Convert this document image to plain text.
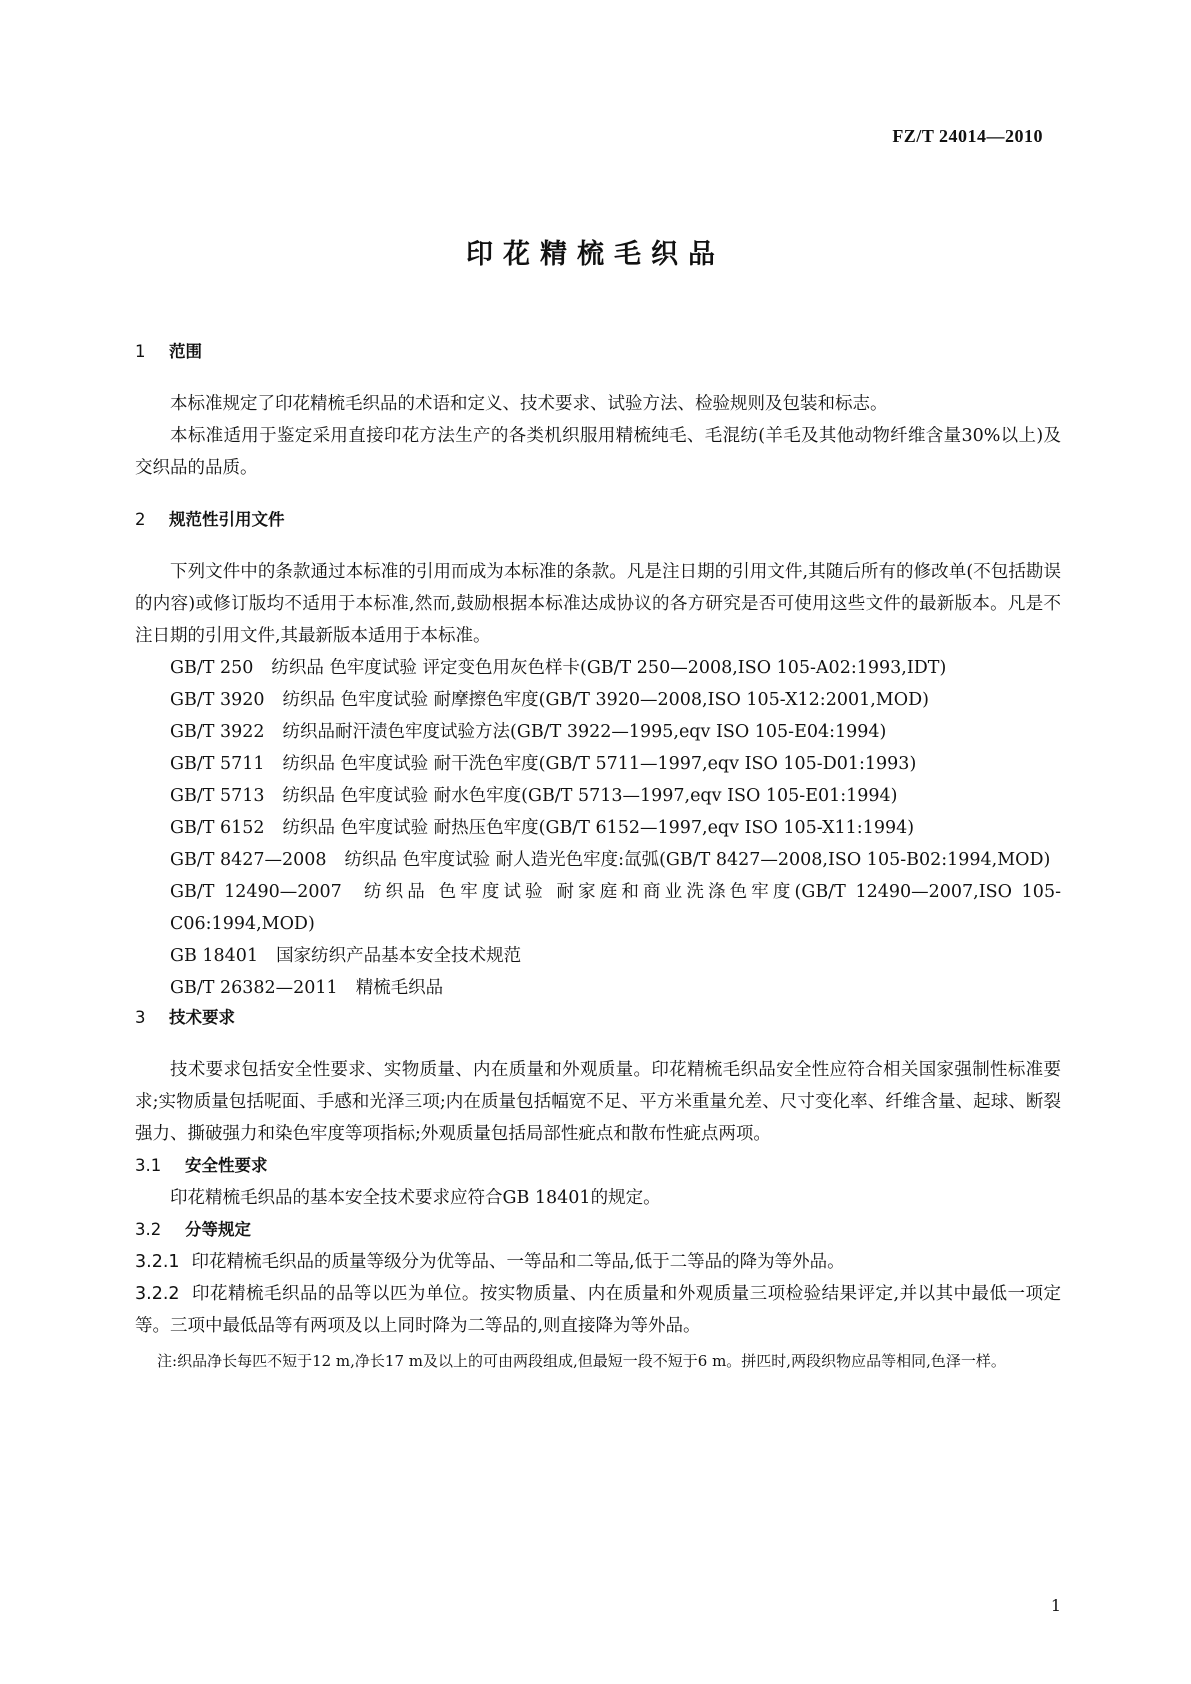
FZ/T 24014—2010
印花精梳毛织品
1 范围

本标准规定了印花精梳毛织品的术语和定义、技术要求、试验方法、检验规则及包装和标志。

本标准适用于鉴定采用直接印花方法生产的各类机织服用精梳纯毛、毛混纺(羊毛及其他动物纤维含量30%以上)及交织品的品质。

2 规范性引用文件

下列文件中的条款通过本标准的引用而成为本标准的条款。凡是注日期的引用文件,其随后所有的修改单(不包括勘误的内容)或修订版均不适用于本标准,然而,鼓励根据本标准达成协议的各方研究是否可使用这些文件的最新版本。凡是不注日期的引用文件,其最新版本适用于本标准。

GB/T 250 纺织品 色牢度试验 评定变色用灰色样卡(GB/T 250—2008,ISO 105-A02:1993,IDT)

GB/T 3920 纺织品 色牢度试验 耐摩擦色牢度(GB/T 3920—2008,ISO 105-X12:2001,MOD)

GB/T 3922 纺织品耐汗渍色牢度试验方法(GB/T 3922—1995,eqv ISO 105-E04:1994)

GB/T 5711 纺织品 色牢度试验 耐干洗色牢度(GB/T 5711—1997,eqv ISO 105-D01:1993)

GB/T 5713 纺织品 色牢度试验 耐水色牢度(GB/T 5713—1997,eqv ISO 105-E01:1994)

GB/T 6152 纺织品 色牢度试验 耐热压色牢度(GB/T 6152—1997,eqv ISO 105-X11:1994)

GB/T 8427—2008 纺织品 色牢度试验 耐人造光色牢度:氙弧(GB/T 8427—2008,ISO 105-B02:1994,MOD)

GB/T 12490—2007 纺织品 色牢度试验 耐家庭和商业洗涤色牢度(GB/T 12490—2007,ISO 105-C06:1994,MOD)

GB 18401 国家纺织产品基本安全技术规范

GB/T 26382—2011 精梳毛织品

3 技术要求

技术要求包括安全性要求、实物质量、内在质量和外观质量。印花精梳毛织品安全性应符合相关国家强制性标准要求;实物质量包括呢面、手感和光泽三项;内在质量包括幅宽不足、平方米重量允差、尺寸变化率、纤维含量、起球、断裂强力、撕破强力和染色牢度等项指标;外观质量包括局部性疵点和散布性疵点两项。

3.1 安全性要求

印花精梳毛织品的基本安全技术要求应符合GB 18401的规定。

3.2 分等规定

3.2.1 印花精梳毛织品的质量等级分为优等品、一等品和二等品,低于二等品的降为等外品。

3.2.2 印花精梳毛织品的品等以匹为单位。按实物质量、内在质量和外观质量三项检验结果评定,并以其中最低一项定等。三项中最低品等有两项及以上同时降为二等品的,则直接降为等外品。

注:织品净长每匹不短于12 m,净长17 m及以上的可由两段组成,但最短一段不短于6 m。拼匹时,两段织物应品等相同,色泽一样。

1
